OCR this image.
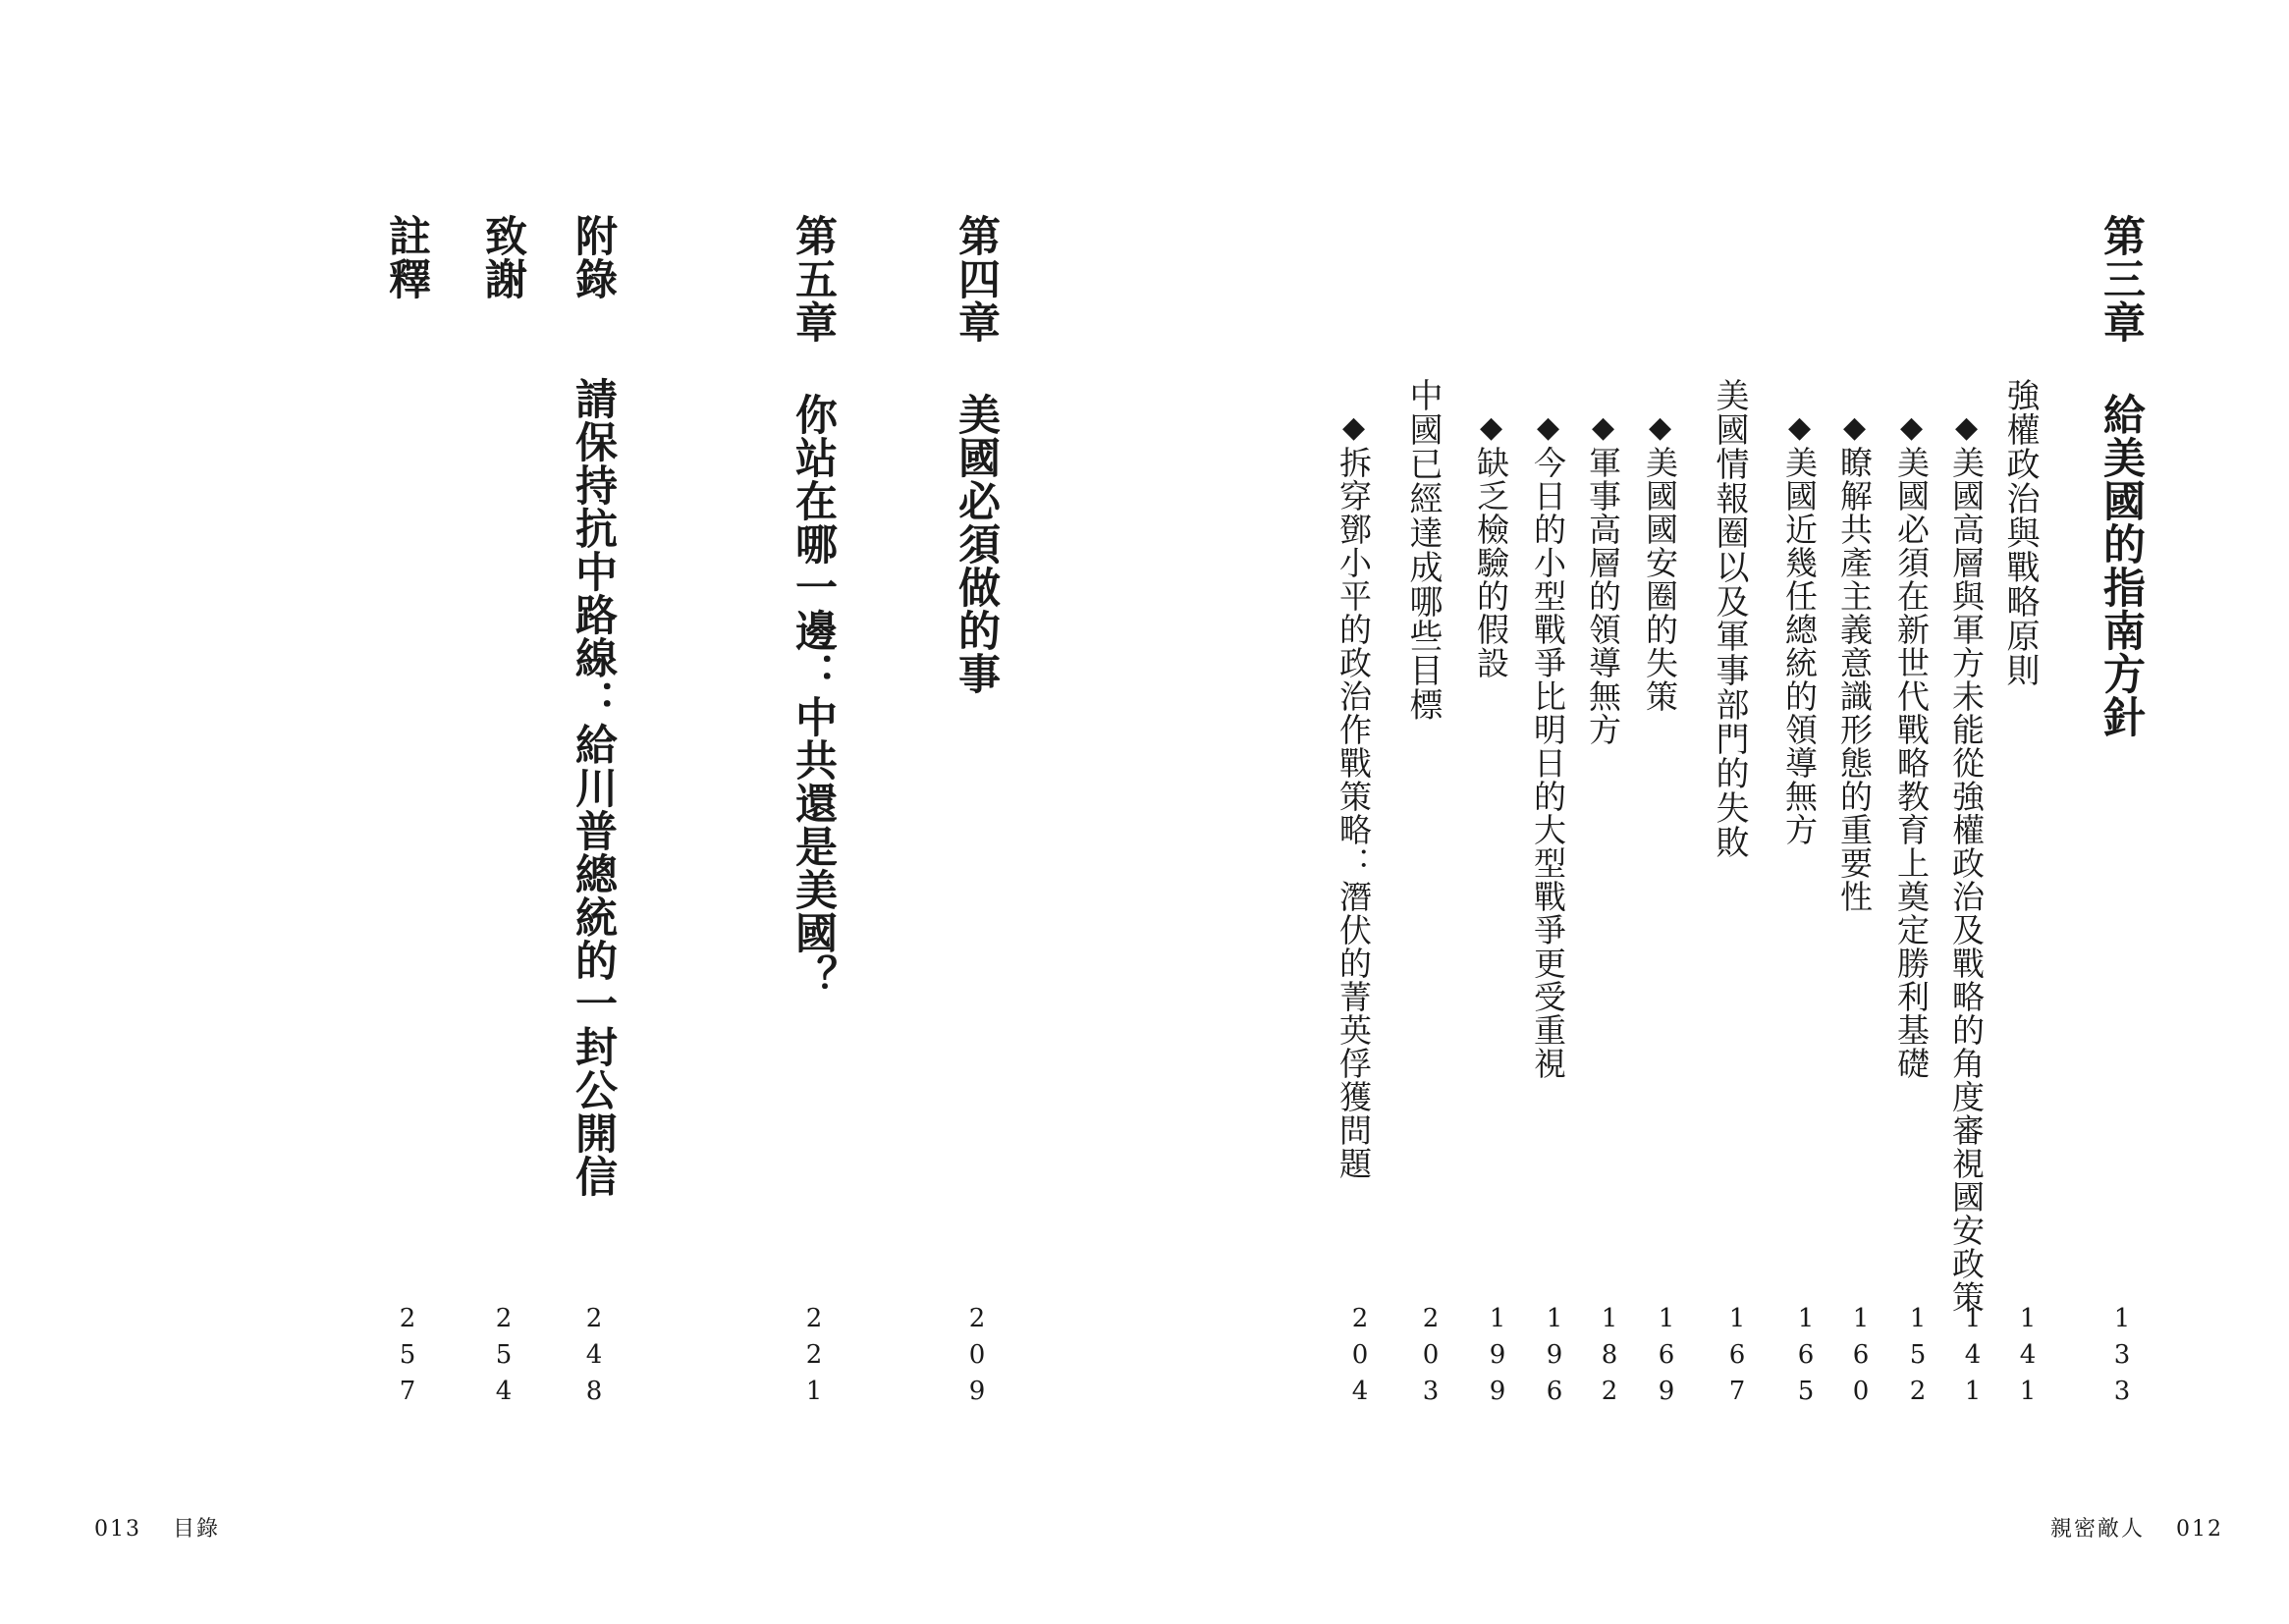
第三章給美國的指南方針
133
強權政治與戰略原則
141
◆美國高層與軍方未能從強權政治及戰略的角度審視國安政策
141
◆美國必須在新世代戰略教育上奠定勝利基礎
152
◆瞭解共產主義意識形態的重要性
160
◆美國近幾任總統的領導無方
165
美國情報圈以及軍事部門的失敗
167
◆美國國安圈的失策
169
◆軍事高層的領導無方
182
◆今日的小型戰爭比明日的大型戰爭更受重視
196
◆缺乏檢驗的假設
199
中國已經達成哪些目標
203
◆拆穿鄧小平的政治作戰策略：潛伏的菁英俘獲問題
204
第四章美國必須做的事
209
第五章你站在哪一邊：中共還是美國？
221
附錄請保持抗中路線：給川普總統的一封公開信
248
致謝
254
註釋
257
013 目錄	親密敵人 012
